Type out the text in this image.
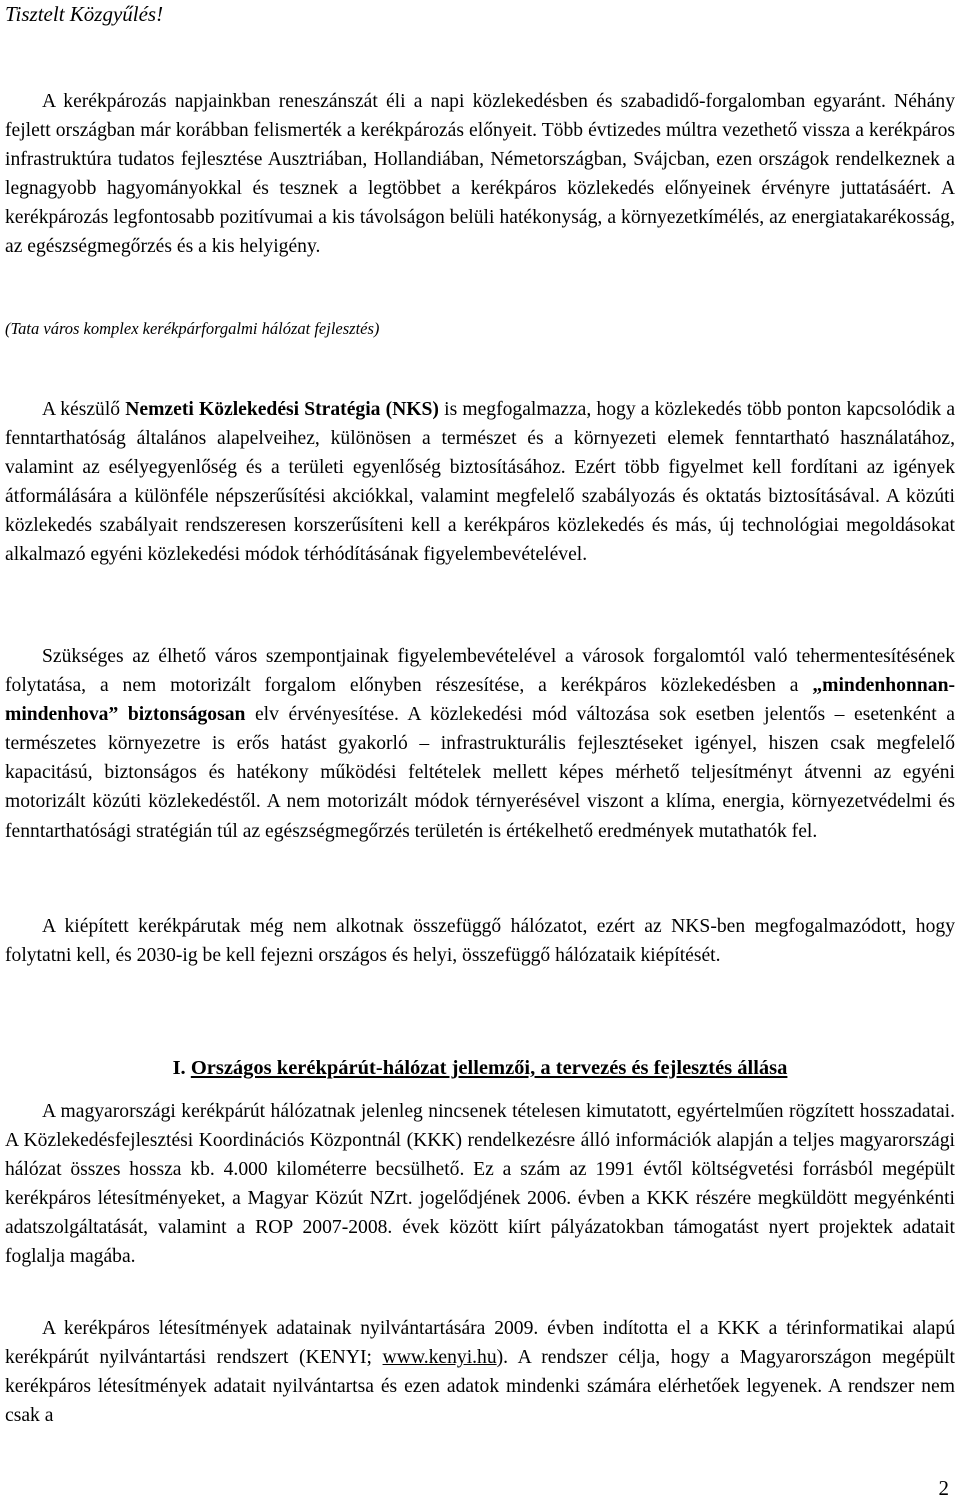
Tisztelt Közgyűlés!

A kerékpározás napjainkban reneszánszát éli a napi közlekedésben és szabadidő-forgalomban egyaránt. Néhány fejlett országban már korábban felismerték a kerékpározás előnyeit. Több évtizedes múltra vezethető vissza a kerékpáros infrastruktúra tudatos fejlesztése Ausztriában, Hollandiában, Németországban, Svájcban, ezen országok rendelkeznek a legnagyobb hagyományokkal és tesznek a legtöbbet a kerékpáros közlekedés előnyeinek érvényre juttatásáért. A kerékpározás legfontosabb pozitívumai a kis távolságon belüli hatékonyság, a környezetkímélés, az energiatakarékosság, az egészségmegőrzés és a kis helyigény.

(Tata város komplex kerékpárforgalmi hálózat fejlesztés)

A készülő Nemzeti Közlekedési Stratégia (NKS) is megfogalmazza, hogy a közlekedés több ponton kapcsolódik a fenntarthatóság általános alapelveihez, különösen a természet és a környezeti elemek fenntartható használatához, valamint az esélyegyenlőség és a területi egyenlőség biztosításához. Ezért több figyelmet kell fordítani az igények átformálására a különféle népszerűsítési akciókkal, valamint megfelelő szabályozás és oktatás biztosításával. A közúti közlekedés szabályait rendszeresen korszerűsíteni kell a kerékpáros közlekedés és más, új technológiai megoldásokat alkalmazó egyéni közlekedési módok térhódításának figyelembevételével.

Szükséges az élhető város szempontjainak figyelembevételével a városok forgalomtól való tehermentesítésének folytatása, a nem motorizált forgalom előnyben részesítése, a kerékpáros közlekedésben a „mindenhonnan-mindenhova” biztonságosan elv érvényesítése. A közlekedési mód változása sok esetben jelentős – esetenként a természetes környezetre is erős hatást gyakorló – infrastrukturális fejlesztéseket igényel, hiszen csak megfelelő kapacitású, biztonságos és hatékony működési feltételek mellett képes mérhető teljesítményt átvenni az egyéni motorizált közúti közlekedéstől. A nem motorizált módok térnyerésével viszont a klíma, energia, környezetvédelmi és fenntarthatósági stratégián túl az egészségmegőrzés területén is értékelhető eredmények mutathatók fel.

A kiépített kerékpárutak még nem alkotnak összefüggő hálózatot, ezért az NKS-ben megfogalmazódott, hogy folytatni kell, és 2030-ig be kell fejezni országos és helyi, összefüggő hálózataik kiépítését.

I. Országos kerékpárút-hálózat jellemzői, a tervezés és fejlesztés állása

A magyarországi kerékpárút hálózatnak jelenleg nincsenek tételesen kimutatott, egyértelműen rögzített hosszadatai. A Közlekedésfejlesztési Koordinációs Központnál (KKK) rendelkezésre álló információk alapján a teljes magyarországi hálózat összes hossza kb. 4.000 kilométerre becsülhető. Ez a szám az 1991 évtől költségvetési forrásból megépült kerékpáros létesítményeket, a Magyar Közút NZrt. jogelődjének 2006. évben a KKK részére megküldött megyénkénti adatszolgáltatását, valamint a ROP 2007-2008. évek között kiírt pályázatokban támogatást nyert projektek adatait foglalja magába.

A kerékpáros létesítmények adatainak nyilvántartására 2009. évben indította el a KKK a térinformatikai alapú kerékpárút nyilvántartási rendszert (KENYI; www.kenyi.hu). A rendszer célja, hogy a Magyarországon megépült kerékpáros létesítmények adatait nyilvántartsa és ezen adatok mindenki számára elérhetőek legyenek. A rendszer nem csak a

2
